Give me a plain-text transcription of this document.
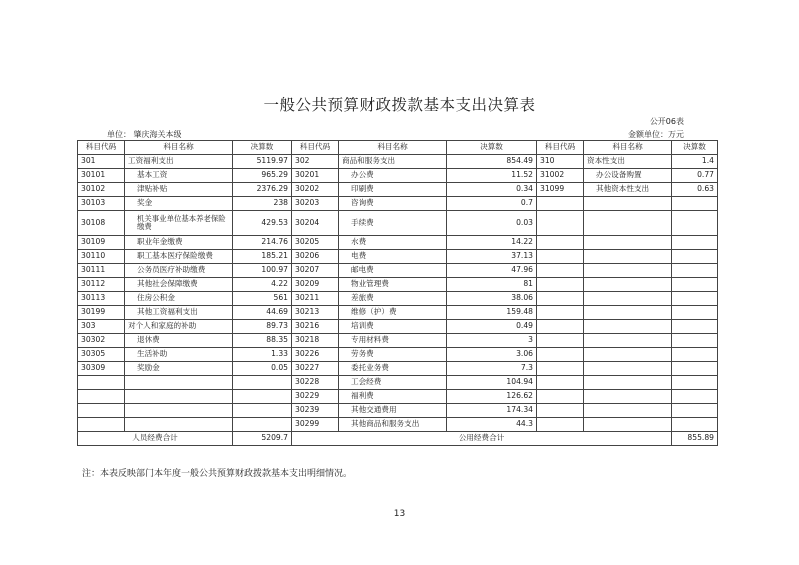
一般公共预算财政拨款基本支出决算表
公开06表
单位： 肇庆海关本级	金额单位：万元
科目代码	科目名称	决算数	科目代码	科目名称	决算数	科目代码	科目名称	决算数
301	工资福利支出	5119.97	302	商品和服务支出	854.49	310	资本性支出	1.4
30101	基本工资	965.29	30201	办公费	11.52	31002	办公设备购置	0.77
30102	津贴补贴	2376.29	30202	印刷费	0.34	31099	其他资本性支出	0.63
30103	奖金	238	30203	咨询费	0.7			
30108	机关事业单位基本养老保险缴费	429.53	30204	手续费	0.03			
30109	职业年金缴费	214.76	30205	水费	14.22			
30110	职工基本医疗保险缴费	185.21	30206	电费	37.13			
30111	公务员医疗补助缴费	100.97	30207	邮电费	47.96			
30112	其他社会保障缴费	4.22	30209	物业管理费	81			
30113	住房公积金	561	30211	差旅费	38.06			
30199	其他工资福利支出	44.69	30213	维修（护）费	159.48			
303	对个人和家庭的补助	89.73	30216	培训费	0.49			
30302	退休费	88.35	30218	专用材料费	3			
30305	生活补助	1.33	30226	劳务费	3.06			
30309	奖励金	0.05	30227	委托业务费	7.3			
			30228	工会经费	104.94			
			30229	福利费	126.62			
			30239	其他交通费用	174.34			
			30299	其他商品和服务支出	44.3			
人员经费合计		5209.7	公用经费合计					855.89
注：本表反映部门本年度一般公共预算财政拨款基本支出明细情况。
13
